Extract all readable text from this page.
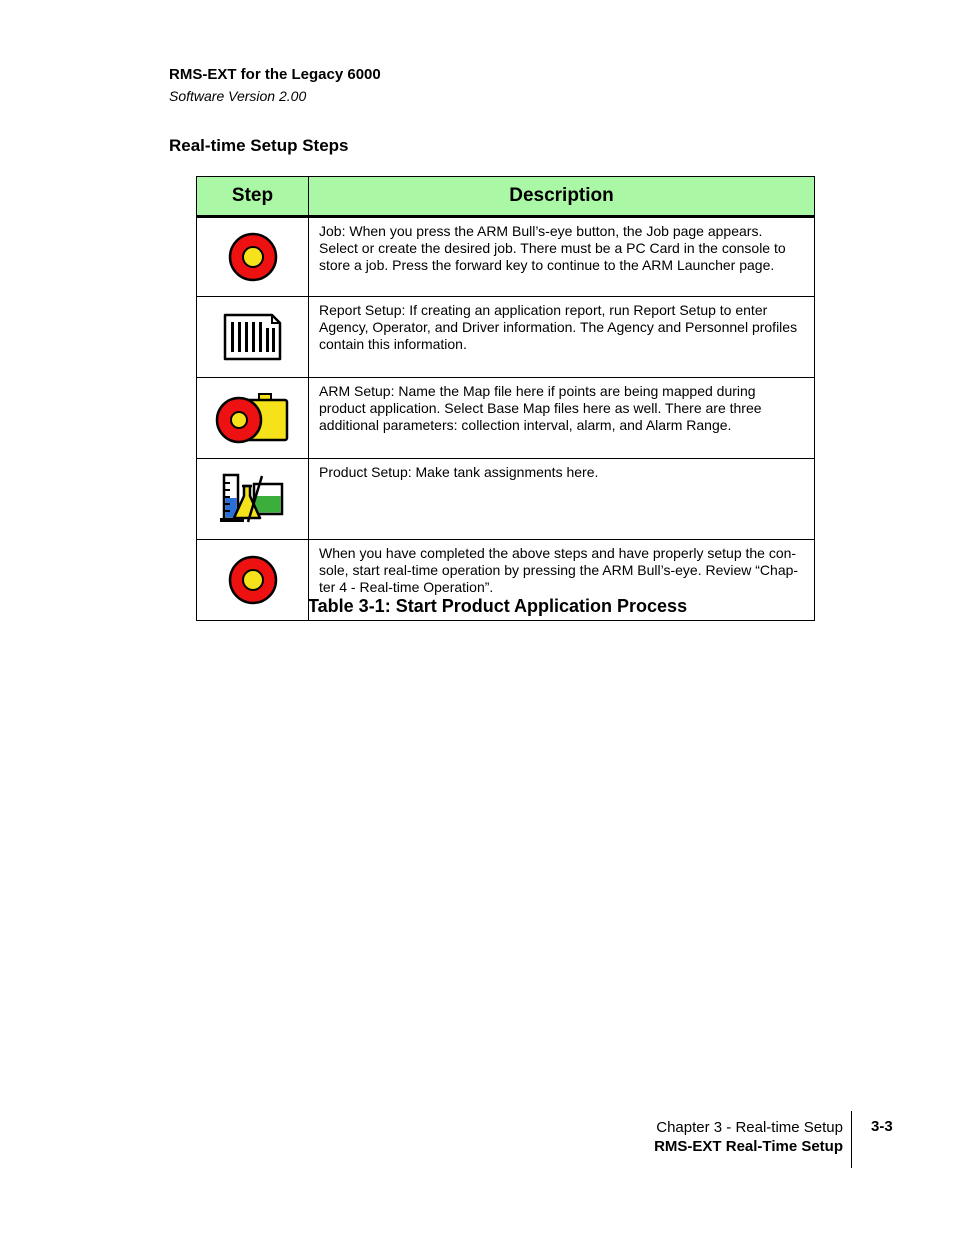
RMS-EXT for the Legacy 6000
Software Version 2.00
Real-time Setup Steps
Step	Description

	Job: When you press the ARM Bull’s-eye button, the Job page appears. Select or create the desired job. There must be a PC Card in the console to store a job. Press the forward key to continue to the ARM Launcher page.

	Report Setup: If creating an application report, run Report Setup to enter Agency, Operator, and Driver information. The Agency and Personnel profiles contain this information.

	ARM Setup: Name the Map file here if points are being mapped during product application. Select Base Map files here as well. There are three additional parameters: collection interval, alarm, and Alarm Range.

	Product Setup: Make tank assignments here.

	When you have completed the above steps and have properly setup the con- sole, start real-time operation by pressing the ARM Bull’s-eye. Review “Chap- ter 4 - Real-time Operation”.
Table 3-1: Start Product Application Process
Chapter 3 - Real-time Setup
RMS-EXT Real-Time Setup
3-3
